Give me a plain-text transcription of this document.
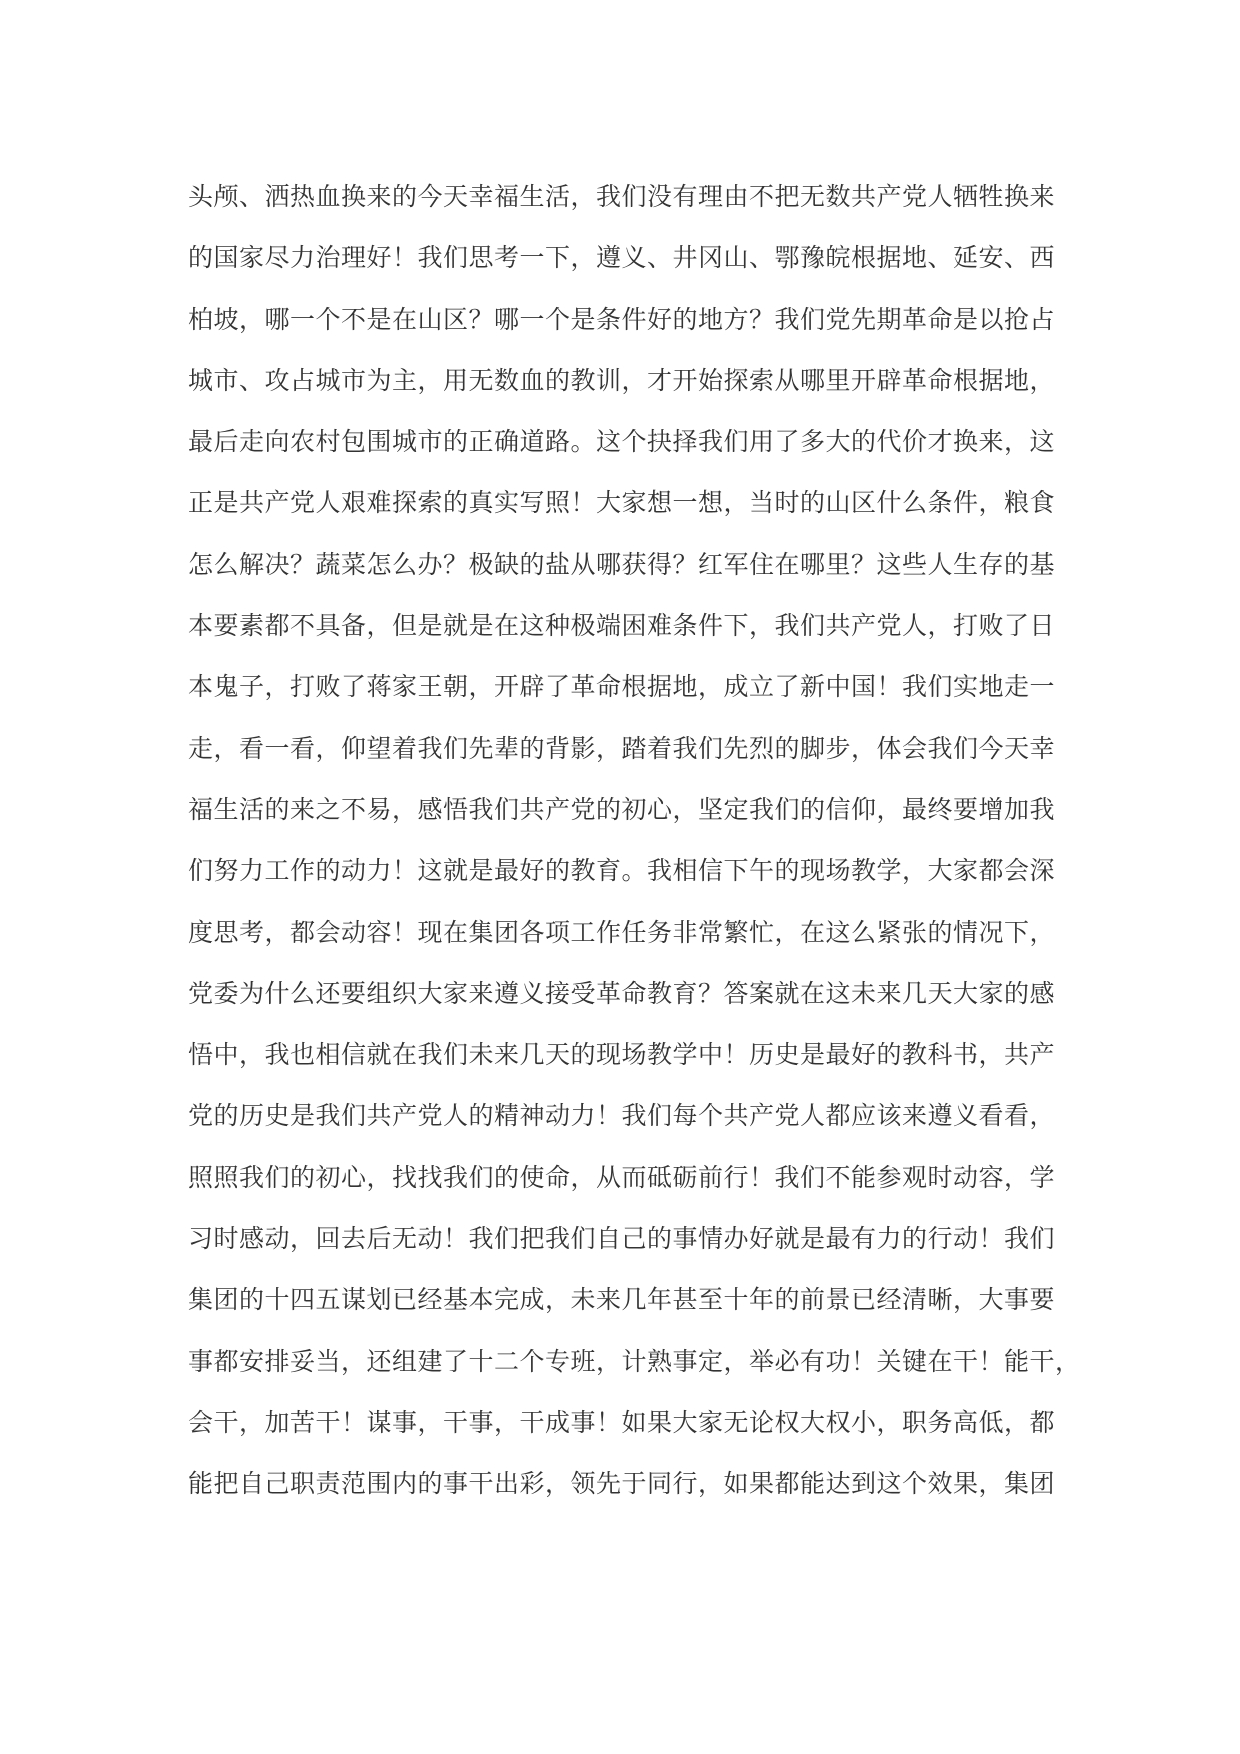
头颅、洒热血换来的今天幸福生活，我们没有理由不把无数共产党人牺牲换来
的国家尽力治理好！我们思考一下，遵义、井冈山、鄂豫皖根据地、延安、西
柏坡，哪一个不是在山区？哪一个是条件好的地方？我们党先期革命是以抢占
城市、攻占城市为主，用无数血的教训，才开始探索从哪里开辟革命根据地，
最后走向农村包围城市的正确道路。这个抉择我们用了多大的代价才换来，这
正是共产党人艰难探索的真实写照！大家想一想，当时的山区什么条件，粮食
怎么解决？蔬菜怎么办？极缺的盐从哪获得？红军住在哪里？这些人生存的基
本要素都不具备，但是就是在这种极端困难条件下，我们共产党人，打败了日
本鬼子，打败了蒋家王朝，开辟了革命根据地，成立了新中国！我们实地走一
走，看一看，仰望着我们先辈的背影，踏着我们先烈的脚步，体会我们今天幸
福生活的来之不易，感悟我们共产党的初心，坚定我们的信仰，最终要增加我
们努力工作的动力！这就是最好的教育。我相信下午的现场教学，大家都会深
度思考，都会动容！现在集团各项工作任务非常繁忙，在这么紧张的情况下，
党委为什么还要组织大家来遵义接受革命教育？答案就在这未来几天大家的感
悟中，我也相信就在我们未来几天的现场教学中！历史是最好的教科书，共产
党的历史是我们共产党人的精神动力！我们每个共产党人都应该来遵义看看，
照照我们的初心，找找我们的使命，从而砥砺前行！我们不能参观时动容，学
习时感动，回去后无动！我们把我们自己的事情办好就是最有力的行动！我们
集团的十四五谋划已经基本完成，未来几年甚至十年的前景已经清晰，大事要
事都安排妥当，还组建了十二个专班，计熟事定，举必有功！关键在干！能干，
会干，加苦干！谋事，干事，干成事！如果大家无论权大权小，职务高低，都
能把自己职责范围内的事干出彩，领先于同行，如果都能达到这个效果，集团
